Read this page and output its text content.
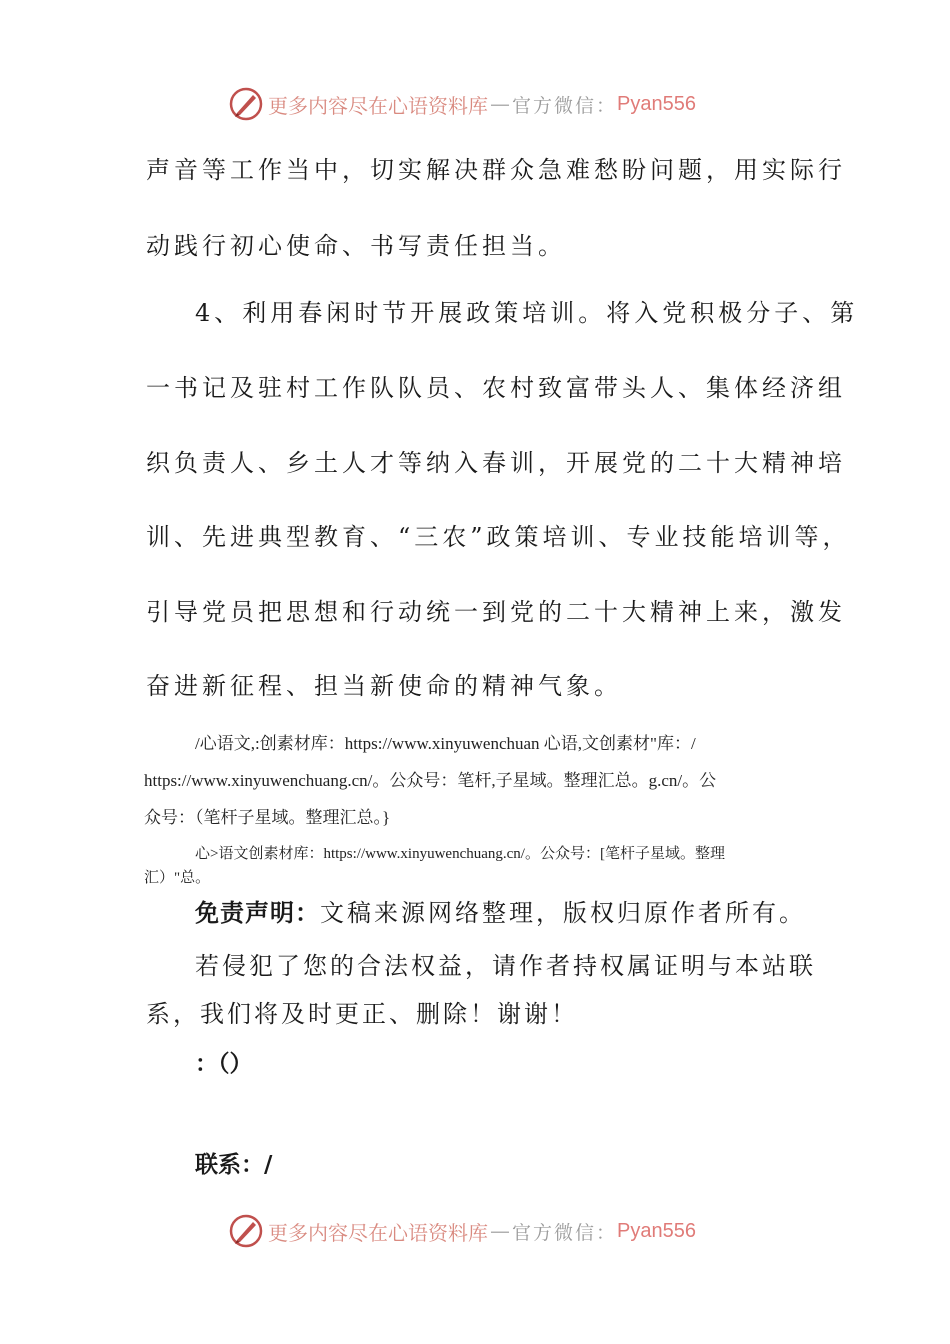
更多内容尽在心语资料库 — 官方微信： Pyan556
声音等工作当中，切实解决群众急难愁盼问题，用实际行
动践行初心使命、书写责任担当。
4、利用春闲时节开展政策培训。将入党积极分子、第
一书记及驻村工作队队员、农村致富带头人、集体经济组
织负责人、乡土人才等纳入春训，开展党的二十大精神培
训、先进典型教育、“三农”政策培训、专业技能培训等，
引导党员把思想和行动统一到党的二十大精神上来，激发
奋进新征程、担当新使命的精神气象。
/心语文,:创素材库：https://www.xinyuwenchuan 心语,文创素材"库：/
https://www.xinyuwenchuang.cn/。公众号：笔杆,子星域。整理汇总。g.cn/。公
众号：（笔杆子星域。整理汇总。}
心>语文创素材库：https://www.xinyuwenchuang.cn/。公众号：[笔杆子星域。整理
汇）"总。
免责声明：文稿来源网络整理，版权归原作者所有。
若侵犯了您的合法权益，请作者持权属证明与本站联
系，我们将及时更正、删除！谢谢！
：（）
联系：/
更多内容尽在心语资料库 — 官方微信： Pyan556
